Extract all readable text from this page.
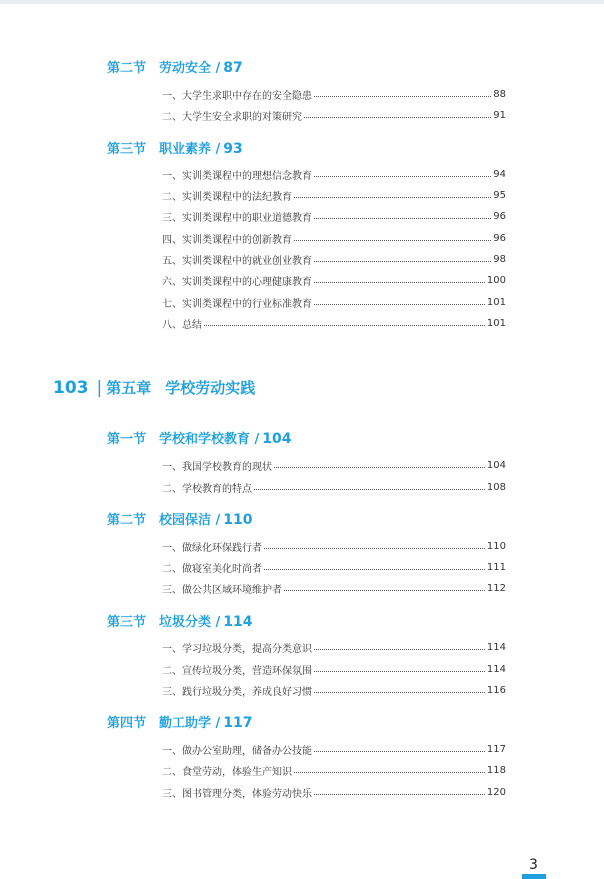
第二节 劳动安全 / 87
一、大学生求职中存在的安全隐患	88
二、大学生安全求职的对策研究	91
第三节 职业素养 / 93
一、实训类课程中的理想信念教育	94
二、实训类课程中的法纪教育	95
三、实训类课程中的职业道德教育	96
四、实训类课程中的创新教育	96
五、实训类课程中的就业创业教育	98
六、实训类课程中的心理健康教育	100
七、实训类课程中的行业标准教育	101
八、总结	101
103 | 第五章 学校劳动实践
第一节 学校和学校教育 / 104
一、我国学校教育的现状	104
二、学校教育的特点	108
第二节 校园保洁 / 110
一、做绿化环保践行者	110
二、做寝室美化时尚者	111
三、做公共区域环境维护者	112
第三节 垃圾分类 / 114
一、学习垃圾分类，提高分类意识	114
二、宣传垃圾分类，营造环保氛围	114
三、践行垃圾分类，养成良好习惯	116
第四节 勤工助学 / 117
一、做办公室助理，储备办公技能	117
二、食堂劳动，体验生产知识	118
三、图书管理分类，体验劳动快乐	120
3
